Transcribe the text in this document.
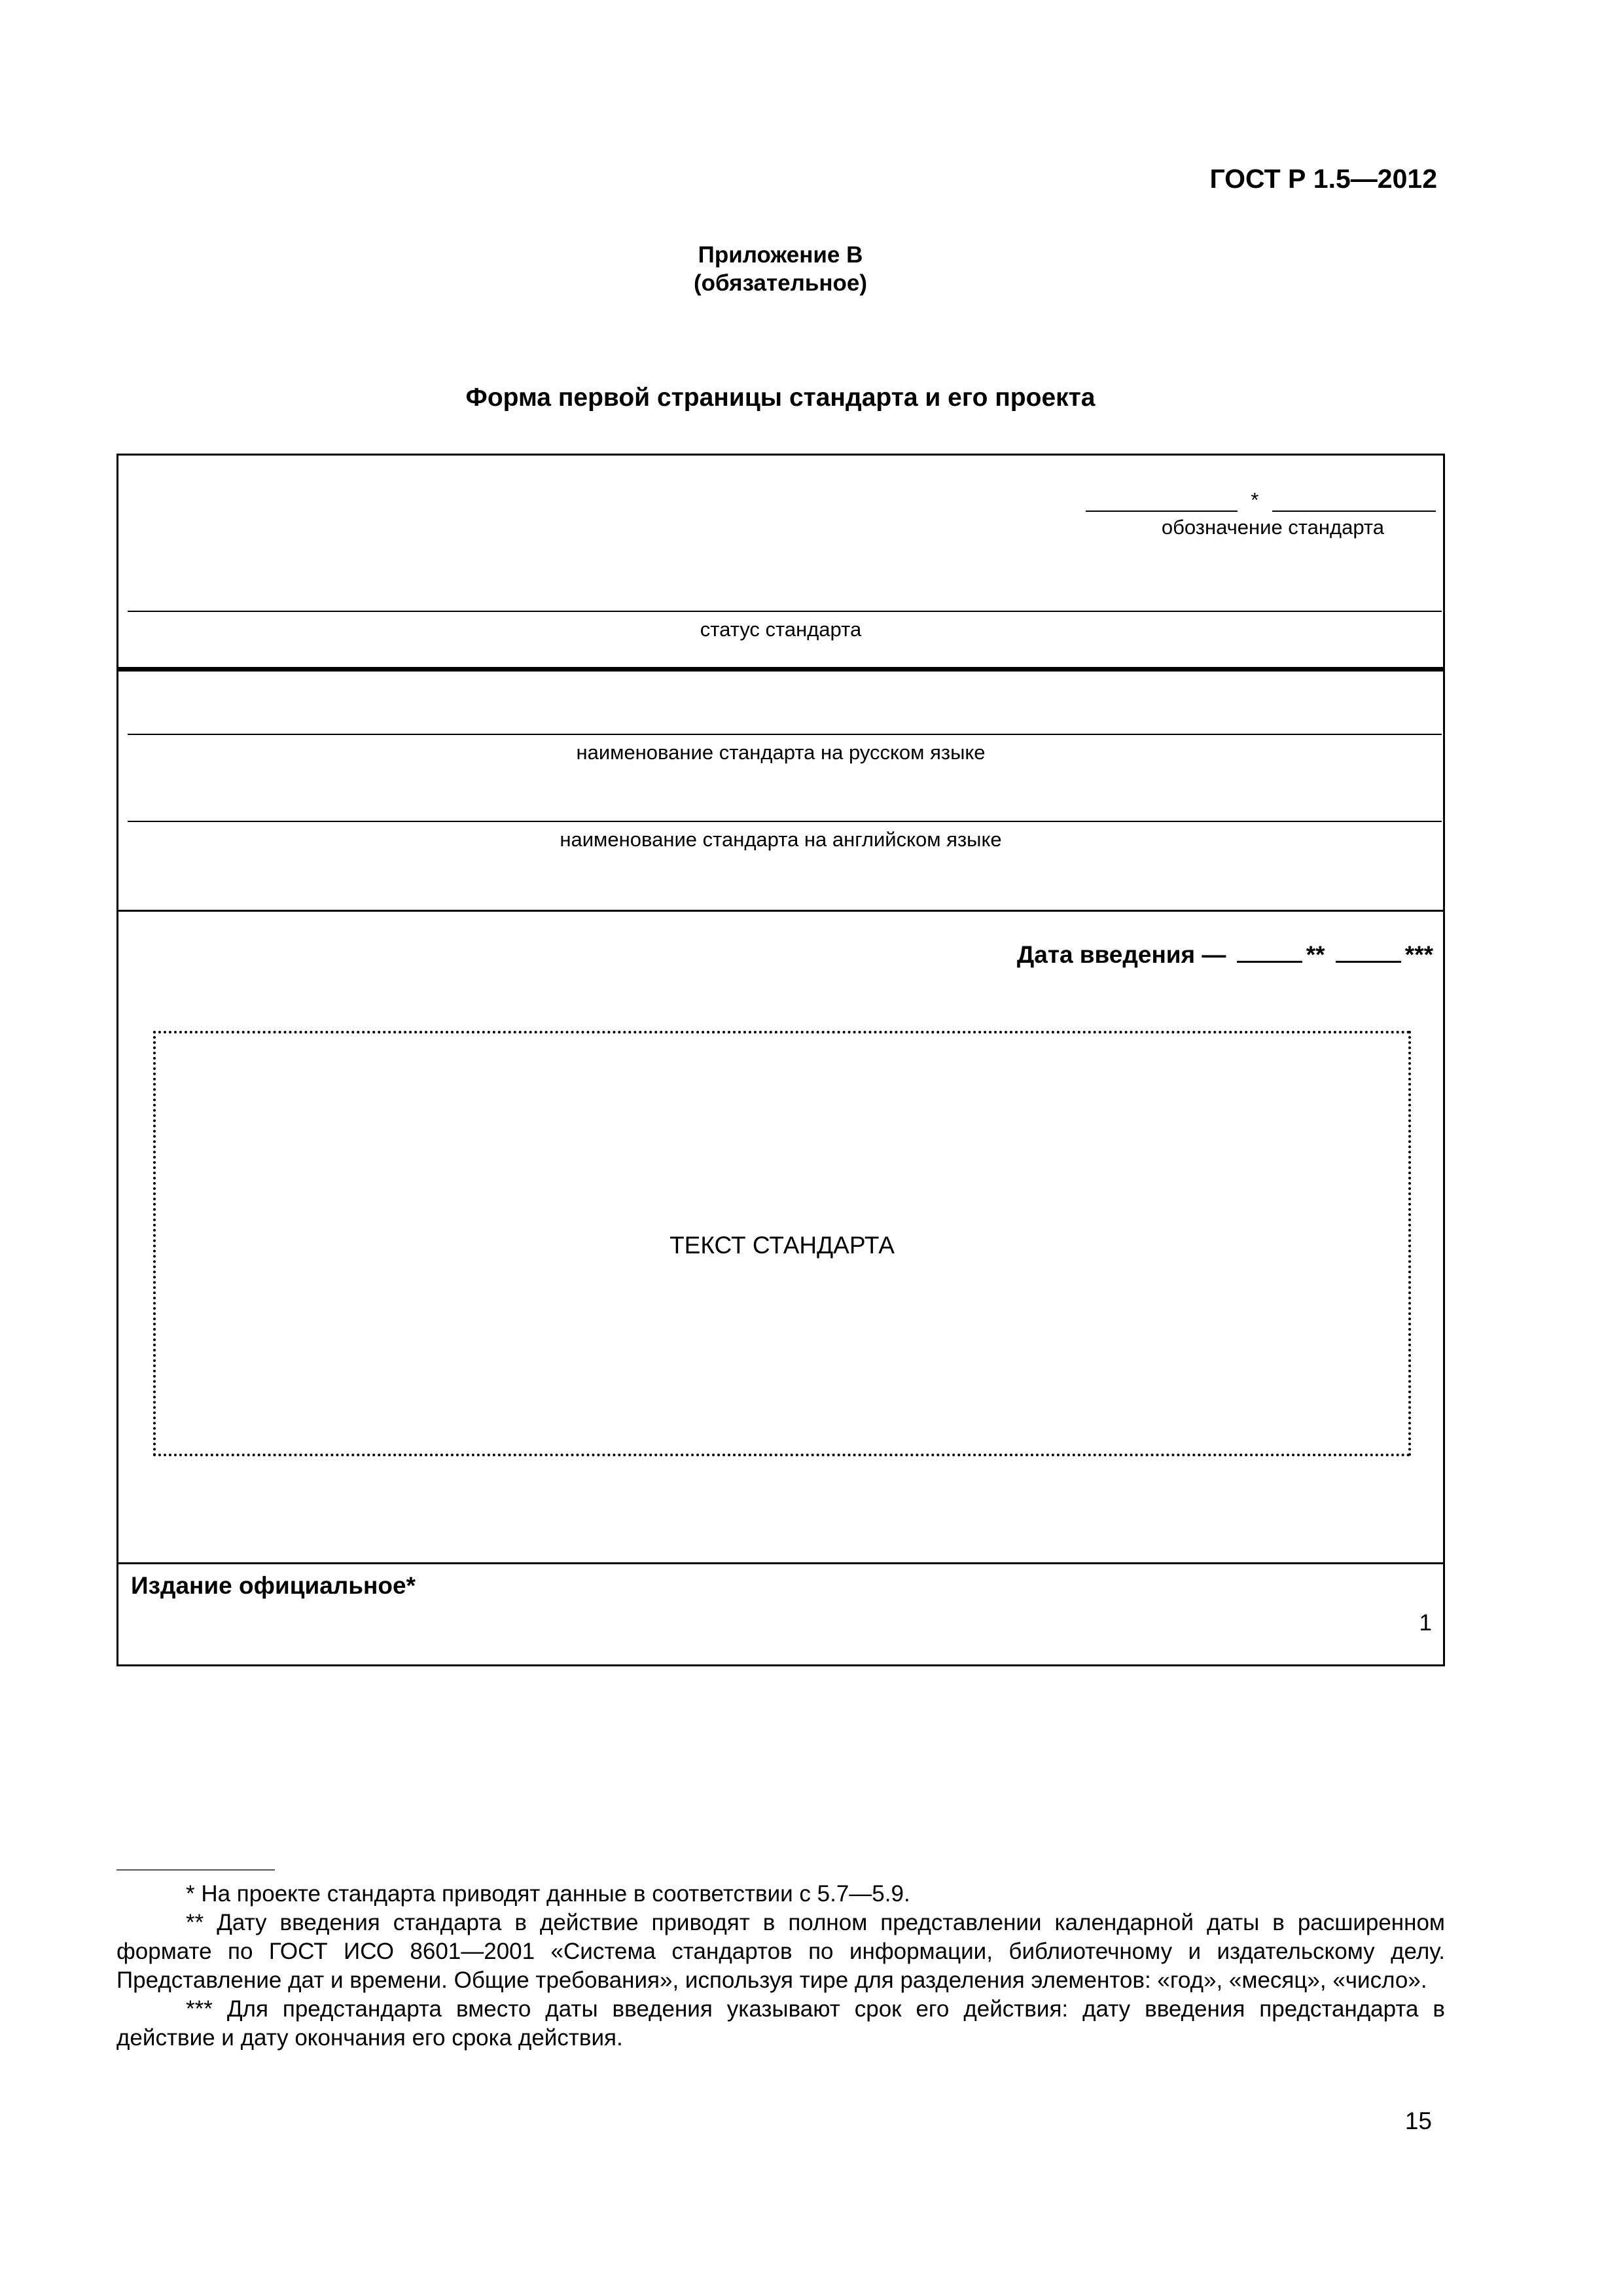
ГОСТ Р 1.5—2012
Приложение В
(обязательное)
Форма первой страницы стандарта и его проекта
*
обозначение стандарта
статус стандарта
наименование стандарта на русском языке
наименование стандарта на английском языке
Дата введения —	**	***
ТЕКСТ СТАНДАРТА
Издание официальное*
1

* На проекте стандарта приводят данные в соответствии с 5.7—5.9.

** Дату введения стандарта в действие приводят в полном представлении календарной даты в расширенном формате по ГОСТ ИСО 8601—2001 «Система стандартов по информации, библиотечному и издательскому делу. Представление дат и времени. Общие требования», используя тире для разделения элементов: «год», «месяц», «число».

*** Для предстандарта вместо даты введения указывают срок его действия: дату введения предстандарта в действие и дату окончания его срока действия.

15
